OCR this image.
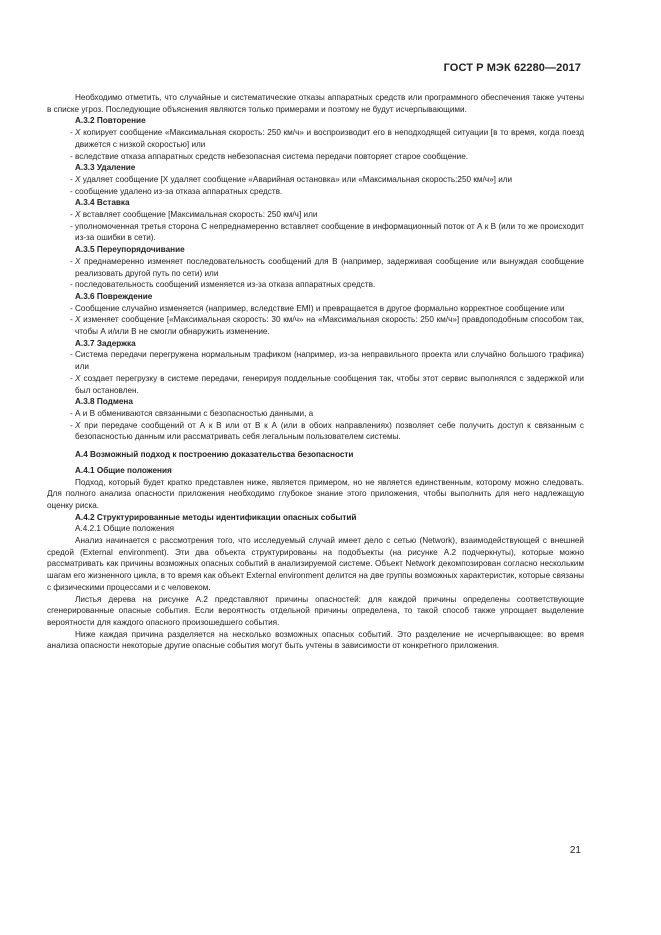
ГОСТ Р МЭК 62280—2017

Необходимо отметить, что случайные и систематические отказы аппаратных средств или программного обеспечения также учтены в списке угроз. Последующие объяснения являются только примерами и поэтому не будут исчерпывающими.

А.3.2 Повторение

- X копирует сообщение «Максимальная скорость: 250 км/ч» и воспроизводит его в неподходящей ситуации [в то время, когда поезд движется с низкой скоростью] или

- вследствие отказа аппаратных средств небезопасная система передачи повторяет старое сообщение.

А.3.3 Удаление

- X удаляет сообщение [X удаляет сообщение «Аварийная остановка» или «Максимальная скорость:250 км/ч»] или

- сообщение удалено из-за отказа аппаратных средств.

А.3.4 Вставка

- X вставляет сообщение [Максимальная скорость: 250 км/ч] или

- уполномоченная третья сторона С непреднамеренно вставляет сообщение в информационный поток от А к В (или то же происходит из-за ошибки в сети).

А.3.5 Переупорядочивание

- X преднамеренно изменяет последовательность сообщений для В (например, задерживая сообщение или вынуждая сообщение реализовать другой путь по сети) или

- последовательность сообщений изменяется из-за отказа аппаратных средств.

А.3.6 Повреждение

- Сообщение случайно изменяется (например, вследствие EMI) и превращается в другое формально корректное сообщение или

- X изменяет сообщение [«Максимальная скорость: 30 км/ч» на «Максимальная скорость: 250 км/ч»] правдоподобным способом так, чтобы А и/или В не смогли обнаружить изменение.

А.3.7 Задержка

- Система передачи перегружена нормальным трафиком (например, из-за неправильного проекта или случайно большого трафика) или

- X создает перегрузку в системе передачи, генерируя поддельные сообщения так, чтобы этот сервис выполнялся с задержкой или был остановлен.

А.3.8 Подмена

- А и В обмениваются связанными с безопасностью данными, а

- X при передаче сообщений от А к В или от В к А (или в обоих направлениях) позволяет себе получить доступ к связанным с безопасностью данным или рассматривать себя легальным пользователем системы.

А.4 Возможный подход к построению доказательства безопасности

А.4.1 Общие положения

Подход, который будет кратко представлен ниже, является примером, но не является единственным, которому можно следовать. Для полного анализа опасности приложения необходимо глубокое знание этого приложения, чтобы выполнить для него надлежащую оценку риска.

А.4.2 Структурированные методы идентификации опасных событий

А.4.2.1 Общие положения

Анализ начинается с рассмотрения того, что исследуемый случай имеет дело с сетью (Network), взаимодействующей с внешней средой (External environment). Эти два объекта структурированы на подобъекты (на рисунке А.2 подчеркнуты), которые можно рассматривать как причины возможных опасных событий в анализируемой системе. Объект Network декомпозирован согласно нескольким шагам его жизненного цикла, в то время как объект External environment делится на две группы возможных характеристик, которые связаны с физическими процессами и с человеком.

Листья дерева на рисунке А.2 представляют причины опасностей: для каждой причины определены соответствующие сгенерированные опасные события. Если вероятность отдельной причины определена, то такой способ также упрощает выделение вероятности для каждого опасного произошедшего события.

Ниже каждая причина разделяется на несколько возможных опасных событий. Это разделение не исчерпывающее: во время анализа опасности некоторые другие опасные события могут быть учтены в зависимости от конкретного приложения.

21
